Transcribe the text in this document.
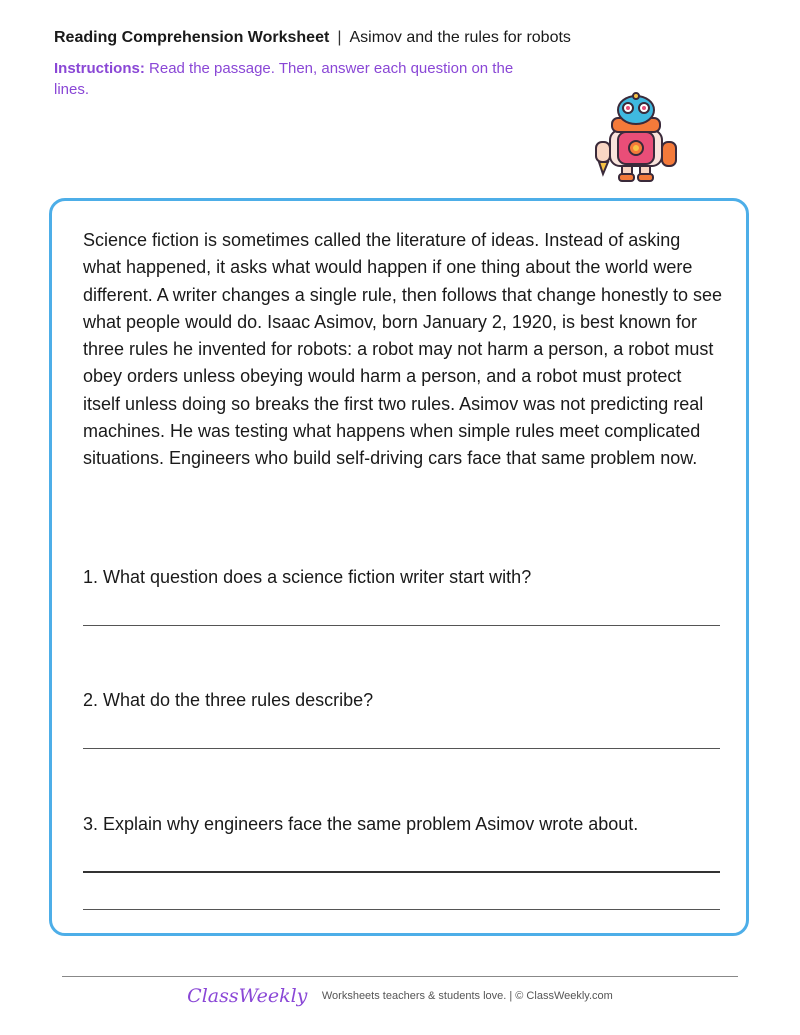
Reading Comprehension Worksheet | Asimov and the rules for robots
Instructions: Read the passage. Then, answer each question on the lines.

Science fiction is sometimes called the literature of ideas. Instead of asking what happened, it asks what would happen if one thing about the world were different. A writer changes a single rule, then follows that change honestly to see what people would do. Isaac Asimov, born January 2, 1920, is best known for three rules he invented for robots: a robot may not harm a person, a robot must obey orders unless obeying would harm a person, and a robot must protect itself unless doing so breaks the first two rules. Asimov was not predicting real machines. He was testing what happens when simple rules meet complicated situations. Engineers who build self-driving cars face that same problem now.

1. What question does a science fiction writer start with?

2. What do the three rules describe?

3. Explain why engineers face the same problem Asimov wrote about.

ClassWeekly Worksheets teachers & students love. | © ClassWeekly.com
